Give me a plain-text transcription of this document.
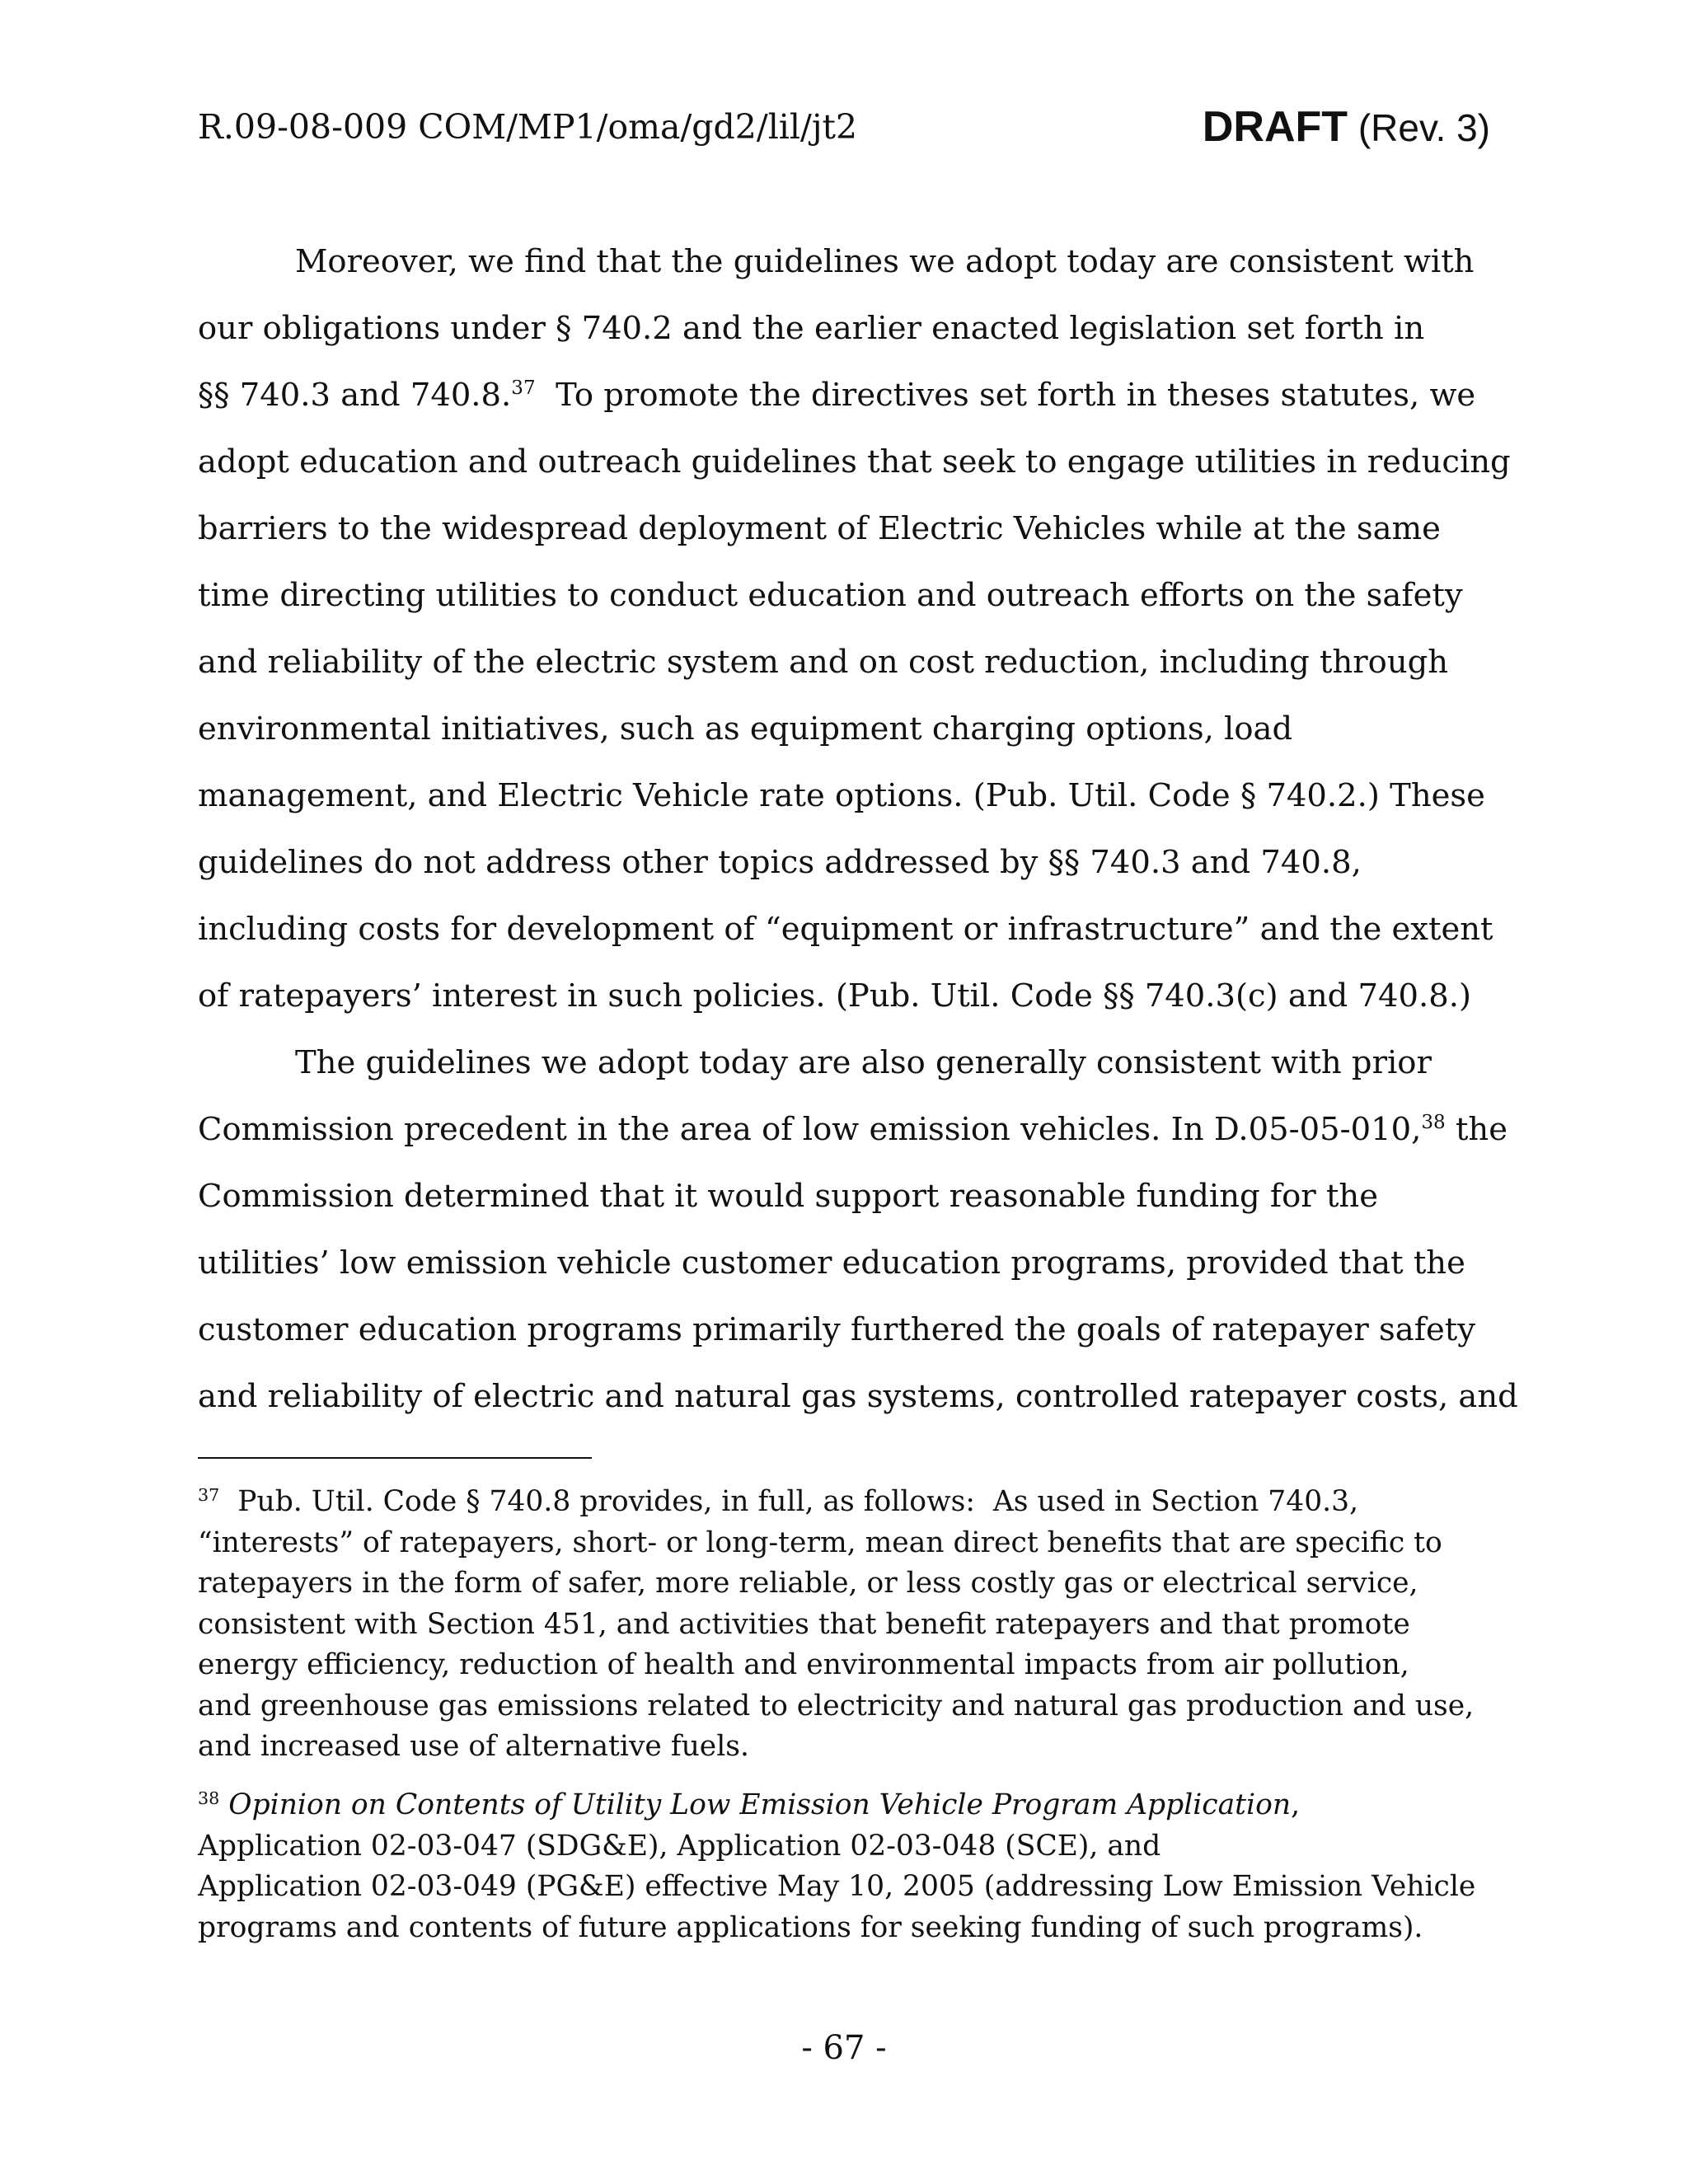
R.09-08-009 COM/MP1/oma/gd2/lil/jt2	DRAFT (Rev. 3)
Moreover, we find that the guidelines we adopt today are consistent with
our obligations under § 740.2 and the earlier enacted legislation set forth in
§§ 740.3 and 740.8.37  To promote the directives set forth in theses statutes, we
adopt education and outreach guidelines that seek to engage utilities in reducing
barriers to the widespread deployment of Electric Vehicles while at the same
time directing utilities to conduct education and outreach efforts on the safety
and reliability of the electric system and on cost reduction, including through
environmental initiatives, such as equipment charging options, load
management, and Electric Vehicle rate options. (Pub. Util. Code § 740.2.) These
guidelines do not address other topics addressed by §§ 740.3 and 740.8,
including costs for development of “equipment or infrastructure” and the extent
of ratepayers’ interest in such policies. (Pub. Util. Code §§ 740.3(c) and 740.8.)
The guidelines we adopt today are also generally consistent with prior
Commission precedent in the area of low emission vehicles. In D.05-05-010,38 the
Commission determined that it would support reasonable funding for the
utilities’ low emission vehicle customer education programs, provided that the
customer education programs primarily furthered the goals of ratepayer safety
and reliability of electric and natural gas systems, controlled ratepayer costs, and
$^{37}$  Pub. Util. Code § 740.8 provides, in full, as follows:  As used in Section 740.3,
“interests” of ratepayers, short- or long-term, mean direct benefits that are specific to
ratepayers in the form of safer, more reliable, or less costly gas or electrical service,
consistent with Section 451, and activities that benefit ratepayers and that promote
energy efficiency, reduction of health and environmental impacts from air pollution,
and greenhouse gas emissions related to electricity and natural gas production and use,
and increased use of alternative fuels.
$^{38}$ Opinion on Contents of Utility Low Emission Vehicle Program Application,
Application 02-03-047 (SDG&E), Application 02-03-048 (SCE), and
Application 02-03-049 (PG&E) effective May 10, 2005 (addressing Low Emission Vehicle
programs and contents of future applications for seeking funding of such programs).
- 67 -
